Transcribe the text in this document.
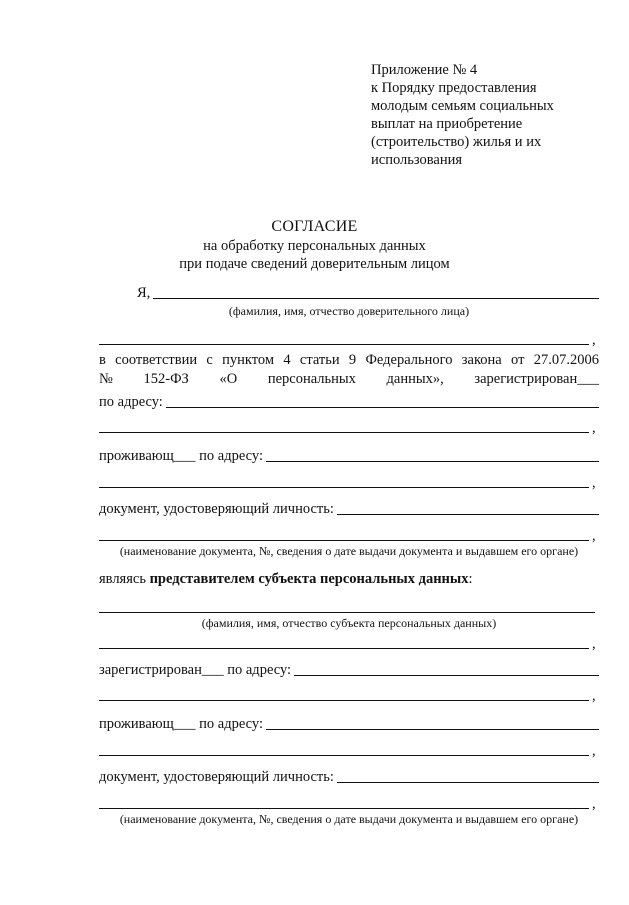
Приложение № 4
к Порядку предоставления
молодым семьям социальных
выплат на приобретение
(строительство) жилья и их
использования
СОГЛАСИЕ
на обработку персональных данных
при подаче сведений доверительным лицом
Я,
(фамилия, имя, отчество доверительного лица)
,
в соответствии с пунктом 4 статьи 9 Федерального закона от 27.07.2006
№ 152-ФЗ «О персональных данных», зарегистрирован___
по адресу:
,
проживающ___ по адресу:
,
документ, удостоверяющий личность:
,
(наименование документа, №, сведения о дате выдачи документа и выдавшем его органе)
являясь представителем субъекта персональных данных:
(фамилия, имя, отчество субъекта персональных данных)
,
зарегистрирован___ по адресу:
,
проживающ___ по адресу:
,
документ, удостоверяющий личность:
,
(наименование документа, №, сведения о дате выдачи документа и выдавшем его органе)
